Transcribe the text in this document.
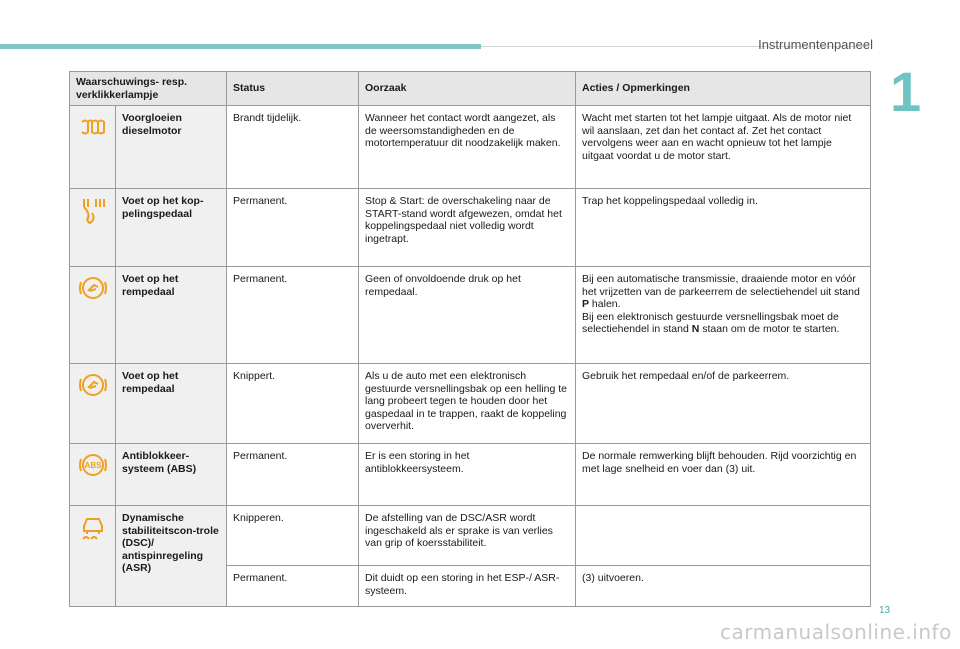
Instrumentenpaneel
1
Waarschuwings- resp. verklikkerlampje		Status	Oorzaak	Acties / Opmerkingen
	Voorgloeien dieselmotor	Brandt tijdelijk.	Wanneer het contact wordt aangezet, als de weersomstandigheden en de motortemperatuur dit noodzakelijk maken.	Wacht met starten tot het lampje uitgaat. Als de motor niet wil aanslaan, zet dan het contact af. Zet het contact vervolgens weer aan en wacht opnieuw tot het lampje uitgaat voordat u de motor start.
	Voet op het kop-pelingspedaal	Permanent.	Stop & Start: de overschakeling naar de START-stand wordt afgewezen, omdat het koppelingspedaal niet volledig wordt ingetrapt.	Trap het koppelingspedaal volledig in.
	Voet op het rempedaal	Permanent.	Geen of onvoldoende druk op het rempedaal.	Bij een automatische transmissie, draaiende motor en vóór het vrijzetten van de parkeerrem de selectiehendel uit stand P halen.
Bij een elektronisch gestuurde versnellingsbak moet de selectiehendel in stand N staan om de motor te starten.
	Voet op het rempedaal	Knippert.	Als u de auto met een elektronisch gestuurde versnellingsbak op een helling te lang probeert tegen te houden door het gaspedaal in te trappen, raakt de koppeling oververhit.	Gebruik het rempedaal en/of de parkeerrem.

ABS	Antiblokkeer-systeem (ABS)	Permanent.	Er is een storing in het antiblokkeersysteem.	De normale remwerking blijft behouden. Rijd voorzichtig en met lage snelheid en voer dan (3) uit.
	Dynamische stabiliteitscon-trole (DSC)/ antispinregeling (ASR)	Knipperen.	De afstelling van de DSC/ASR wordt ingeschakeld als er sprake is van verlies van grip of koersstabiliteit.	
		Permanent.	Dit duidt op een storing in het ESP-/ ASR-systeem.	(3) uitvoeren.
13
carmanualsonline.info
